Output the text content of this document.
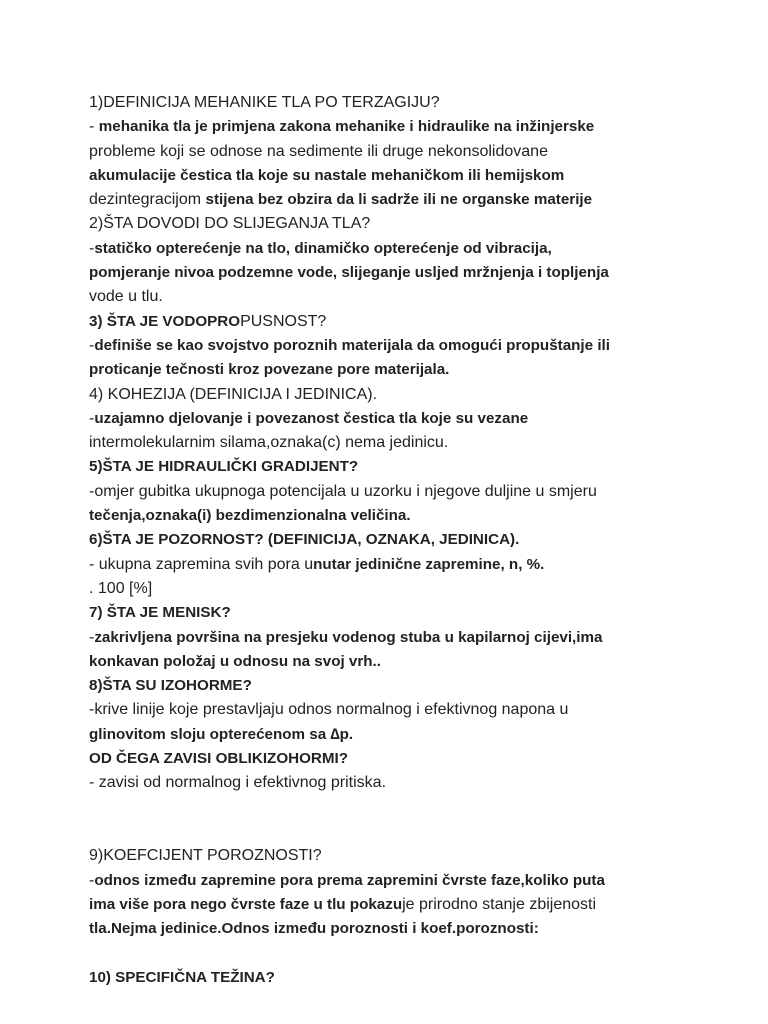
1)DEFINICIJA MEHANIKE TLA PO TERZAGIJU?
- mehanika tla je primjena zakona mehanike i hidraulike na inžinjerske
probleme koji se odnose na sedimente ili druge nekonsolidovane
akumulacije čestica tla koje su nastale mehaničkom ili hemijskom
dezintegracijom stijena bez obzira da li sadrže ili ne organske materije
2)ŠTA DOVODI DO SLIJEGANJA TLA?
-statičko opterećenje na tlo, dinamičko opterećenje od vibracija,
pomjeranje nivoa podzemne vode, slijeganje usljed mržnjenja i topljenja
vode u tlu.
3) ŠTA JE VODOPROPUSNOST?
-definiše se kao svojstvo poroznih materijala da omogući propuštanje ili
proticanje tečnosti kroz povezane pore materijala.
4) KOHEZIJA (DEFINICIJA I JEDINICA).
-uzajamno djelovanje i povezanost čestica tla koje su vezane
intermolekularnim silama,oznaka(c) nema jedinicu.
5)ŠTA JE HIDRAULIČKI GRADIJENT?
-omjer gubitka ukupnoga potencijala u uzorku i njegove duljine u smjeru
tečenja,oznaka(i) bezdimenzionalna veličina.
6)ŠTA JE POZORNOST? (DEFINICIJA, OZNAKA, JEDINICA).
- ukupna zapremina svih pora unutar jedinične zapremine, n, %.
. 100 [%]
7) ŠTA JE MENISK?
-zakrivljena površina na presjeku vodenog stuba u kapilarnoj cijevi,ima
konkavan položaj u odnosu na svoj vrh..
8)ŠTA SU IZOHORME?
-krive linije koje prestavljaju odnos normalnog i efektivnog napona u
glinovitom sloju opterećenom sa ∆p.
OD ČEGA ZAVISI OBLIKIZOHORMI?
- zavisi od normalnog i efektivnog pritiska.
9)KOEFCIJENT POROZNOSTI?
-odnos između zapremine pora prema zapremini čvrste faze,koliko puta
ima više pora nego čvrste faze u tlu pokazuje prirodno stanje zbijenosti
tla.Nejma jedinice.Odnos između poroznosti i koef.poroznosti:
10) SPECIFIČNA TEŽINA?
